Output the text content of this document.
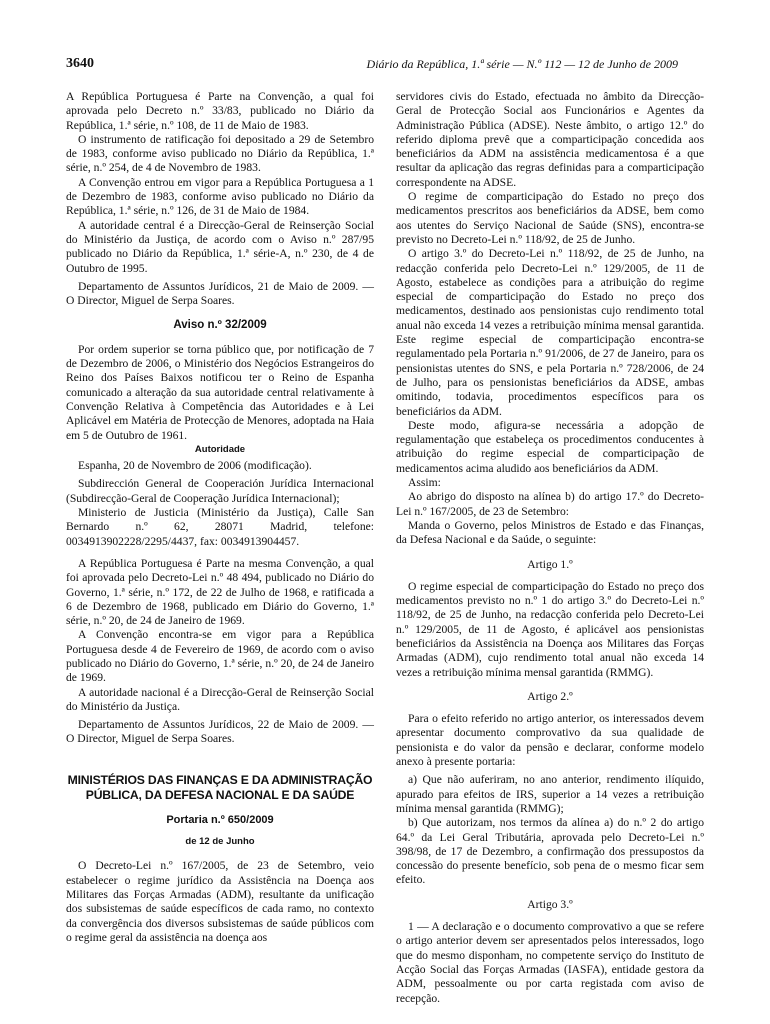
3640	Diário da República, 1.ª série — N.º 112 — 12 de Junho de 2009

A República Portuguesa é Parte na Convenção, a qual foi aprovada pelo Decreto n.º 33/83, publicado no Diário da República, 1.ª série, n.º 108, de 11 de Maio de 1983.

O instrumento de ratificação foi depositado a 29 de Setembro de 1983, conforme aviso publicado no Diário da República, 1.ª série, n.º 254, de 4 de Novembro de 1983.

A Convenção entrou em vigor para a República Portuguesa a 1 de Dezembro de 1983, conforme aviso publicado no Diário da República, 1.ª série, n.º 126, de 31 de Maio de 1984.

A autoridade central é a Direcção-Geral de Reinserção Social do Ministério da Justiça, de acordo com o Aviso n.º 287/95 publicado no Diário da República, 1.ª série-A, n.º 230, de 4 de Outubro de 1995.

Departamento de Assuntos Jurídicos, 21 de Maio de 2009. — O Director, Miguel de Serpa Soares.

Aviso n.º 32/2009

Por ordem superior se torna público que, por notificação de 7 de Dezembro de 2006, o Ministério dos Negócios Estrangeiros do Reino dos Países Baixos notificou ter o Reino de Espanha comunicado a alteração da sua autoridade central relativamente à Convenção Relativa à Competência das Autoridades e à Lei Aplicável em Matéria de Protecção de Menores, adoptada na Haia em 5 de Outubro de 1961.

Autoridade

Espanha, 20 de Novembro de 2006 (modificação).

Subdirección General de Cooperación Jurídica Internacional (Subdirecção-Geral de Cooperação Jurídica Internacional);

Ministerio de Justicia (Ministério da Justiça), Calle San Bernardo n.º 62, 28071 Madrid, telefone: 0034913902228/2295/4437, fax: 0034913904457.

A República Portuguesa é Parte na mesma Convenção, a qual foi aprovada pelo Decreto-Lei n.º 48 494, publicado no Diário do Governo, 1.ª série, n.º 172, de 22 de Julho de 1968, e ratificada a 6 de Dezembro de 1968, publicado em Diário do Governo, 1.ª série, n.º 20, de 24 de Janeiro de 1969.

A Convenção encontra-se em vigor para a República Portuguesa desde 4 de Fevereiro de 1969, de acordo com o aviso publicado no Diário do Governo, 1.ª série, n.º 20, de 24 de Janeiro de 1969.

A autoridade nacional é a Direcção-Geral de Reinserção Social do Ministério da Justiça.

Departamento de Assuntos Jurídicos, 22 de Maio de 2009. — O Director, Miguel de Serpa Soares.

MINISTÉRIOS DAS FINANÇAS E DA ADMINISTRAÇÃO PÚBLICA, DA DEFESA NACIONAL E DA SAÚDE
Portaria n.º 650/2009
de 12 de Junho

O Decreto-Lei n.º 167/2005, de 23 de Setembro, veio estabelecer o regime jurídico da Assistência na Doença aos Militares das Forças Armadas (ADM), resultante da unificação dos subsistemas de saúde específicos de cada ramo, no contexto da convergência dos diversos subsistemas de saúde públicos com o regime geral da assistência na doença aos

servidores civis do Estado, efectuada no âmbito da Direcção-Geral de Protecção Social aos Funcionários e Agentes da Administração Pública (ADSE). Neste âmbito, o artigo 12.º do referido diploma prevê que a comparticipação concedida aos beneficiários da ADM na assistência medicamentosa é a que resultar da aplicação das regras definidas para a comparticipação correspondente na ADSE.

O regime de comparticipação do Estado no preço dos medicamentos prescritos aos beneficiários da ADSE, bem como aos utentes do Serviço Nacional de Saúde (SNS), encontra-se previsto no Decreto-Lei n.º 118/92, de 25 de Junho.

O artigo 3.º do Decreto-Lei n.º 118/92, de 25 de Junho, na redacção conferida pelo Decreto-Lei n.º 129/2005, de 11 de Agosto, estabelece as condições para a atribuição do regime especial de comparticipação do Estado no preço dos medicamentos, destinado aos pensionistas cujo rendimento total anual não exceda 14 vezes a retribuição mínima mensal garantida. Este regime especial de comparticipação encontra-se regulamentado pela Portaria n.º 91/2006, de 27 de Janeiro, para os pensionistas utentes do SNS, e pela Portaria n.º 728/2006, de 24 de Julho, para os pensionistas beneficiários da ADSE, ambas omitindo, todavia, procedimentos específicos para os beneficiários da ADM.

Deste modo, afigura-se necessária a adopção de regulamentação que estabeleça os procedimentos conducentes à atribuição do regime especial de comparticipação de medicamentos acima aludido aos beneficiários da ADM.

Assim:

Ao abrigo do disposto na alínea b) do artigo 17.º do Decreto-Lei n.º 167/2005, de 23 de Setembro:

Manda o Governo, pelos Ministros de Estado e das Finanças, da Defesa Nacional e da Saúde, o seguinte:

Artigo 1.º

O regime especial de comparticipação do Estado no preço dos medicamentos previsto no n.º 1 do artigo 3.º do Decreto-Lei n.º 118/92, de 25 de Junho, na redacção conferida pelo Decreto-Lei n.º 129/2005, de 11 de Agosto, é aplicável aos pensionistas beneficiários da Assistência na Doença aos Militares das Forças Armadas (ADM), cujo rendimento total anual não exceda 14 vezes a retribuição mínima mensal garantida (RMMG).

Artigo 2.º

Para o efeito referido no artigo anterior, os interessados devem apresentar documento comprovativo da sua qualidade de pensionista e do valor da pensão e declarar, conforme modelo anexo à presente portaria:

a) Que não auferiram, no ano anterior, rendimento ilíquido, apurado para efeitos de IRS, superior a 14 vezes a retribuição mínima mensal garantida (RMMG);

b) Que autorizam, nos termos da alínea a) do n.º 2 do artigo 64.º da Lei Geral Tributária, aprovada pelo Decreto-Lei n.º 398/98, de 17 de Dezembro, a confirmação dos pressupostos da concessão do presente benefício, sob pena de o mesmo ficar sem efeito.

Artigo 3.º

1 — A declaração e o documento comprovativo a que se refere o artigo anterior devem ser apresentados pelos interessados, logo que do mesmo disponham, no competente serviço do Instituto de Acção Social das Forças Armadas (IASFA), entidade gestora da ADM, pessoalmente ou por carta registada com aviso de recepção.
